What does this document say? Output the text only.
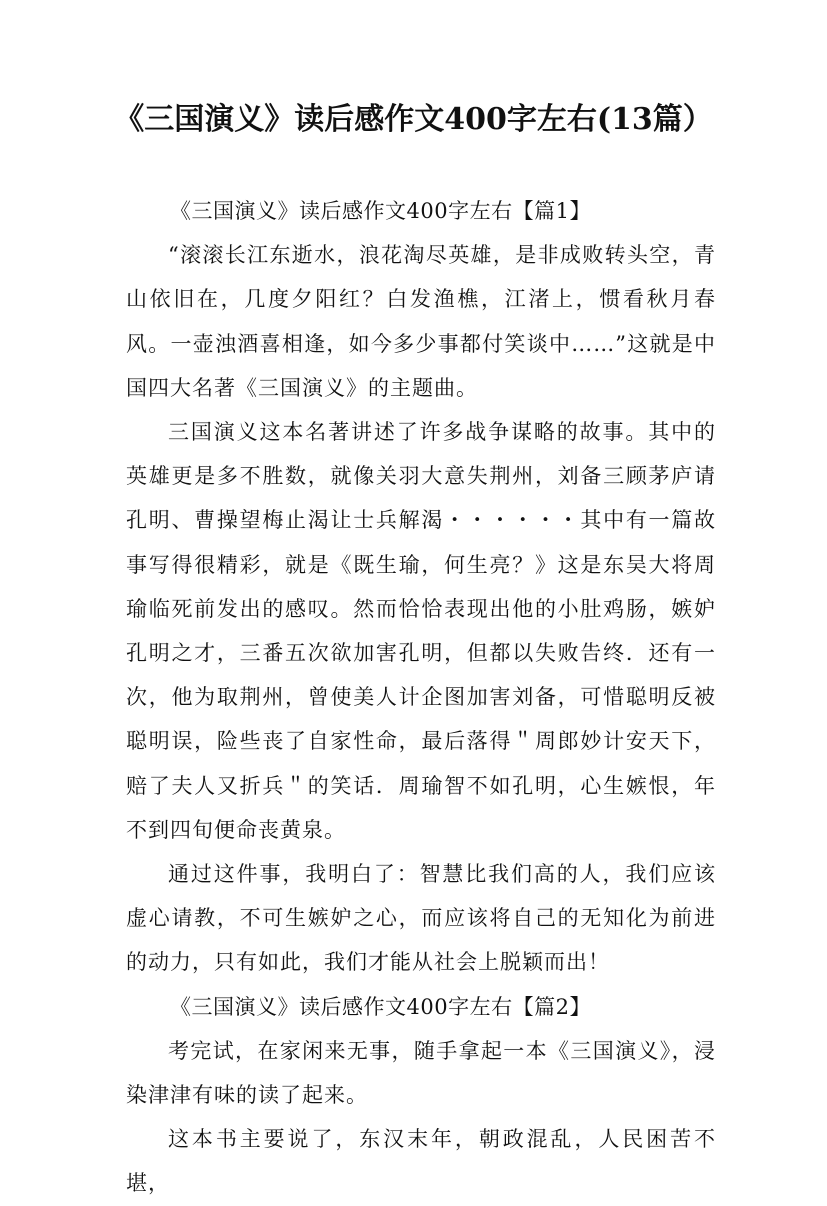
《三国演义》读后感作文400字左右(13篇）

《三国演义》读后感作文400字左右【篇1】

“滚滚长江东逝水，浪花淘尽英雄，是非成败转头空，青山依旧在，几度夕阳红？白发渔樵，江渚上，惯看秋月春风。一壶浊酒喜相逢，如今多少事都付笑谈中……”这就是中国四大名著《三国演义》的主题曲。

三国演义这本名著讲述了许多战争谋略的故事。其中的英雄更是多不胜数，就像关羽大意失荆州，刘备三顾茅庐请孔明、曹操望梅止渴让士兵解渴・・・・・・其中有一篇故事写得很精彩，就是《既生瑜，何生亮？》这是东吴大将周瑜临死前发出的感叹。然而恰恰表现出他的小肚鸡肠，嫉妒孔明之才，三番五次欲加害孔明，但都以失败告终．还有一次，他为取荆州，曾使美人计企图加害刘备，可惜聪明反被聪明误，险些丧了自家性命，最后落得＂周郎妙计安天下，赔了夫人又折兵＂的笑话．周瑜智不如孔明，心生嫉恨，年不到四旬便命丧黄泉。

通过这件事，我明白了：智慧比我们高的人，我们应该虚心请教，不可生嫉妒之心，而应该将自己的无知化为前进的动力，只有如此，我们才能从社会上脱颖而出！

《三国演义》读后感作文400字左右【篇2】

考完试，在家闲来无事，随手拿起一本《三国演义》，浸染津津有味的读了起来。

这本书主要说了，东汉末年，朝政混乱，人民困苦不堪，
